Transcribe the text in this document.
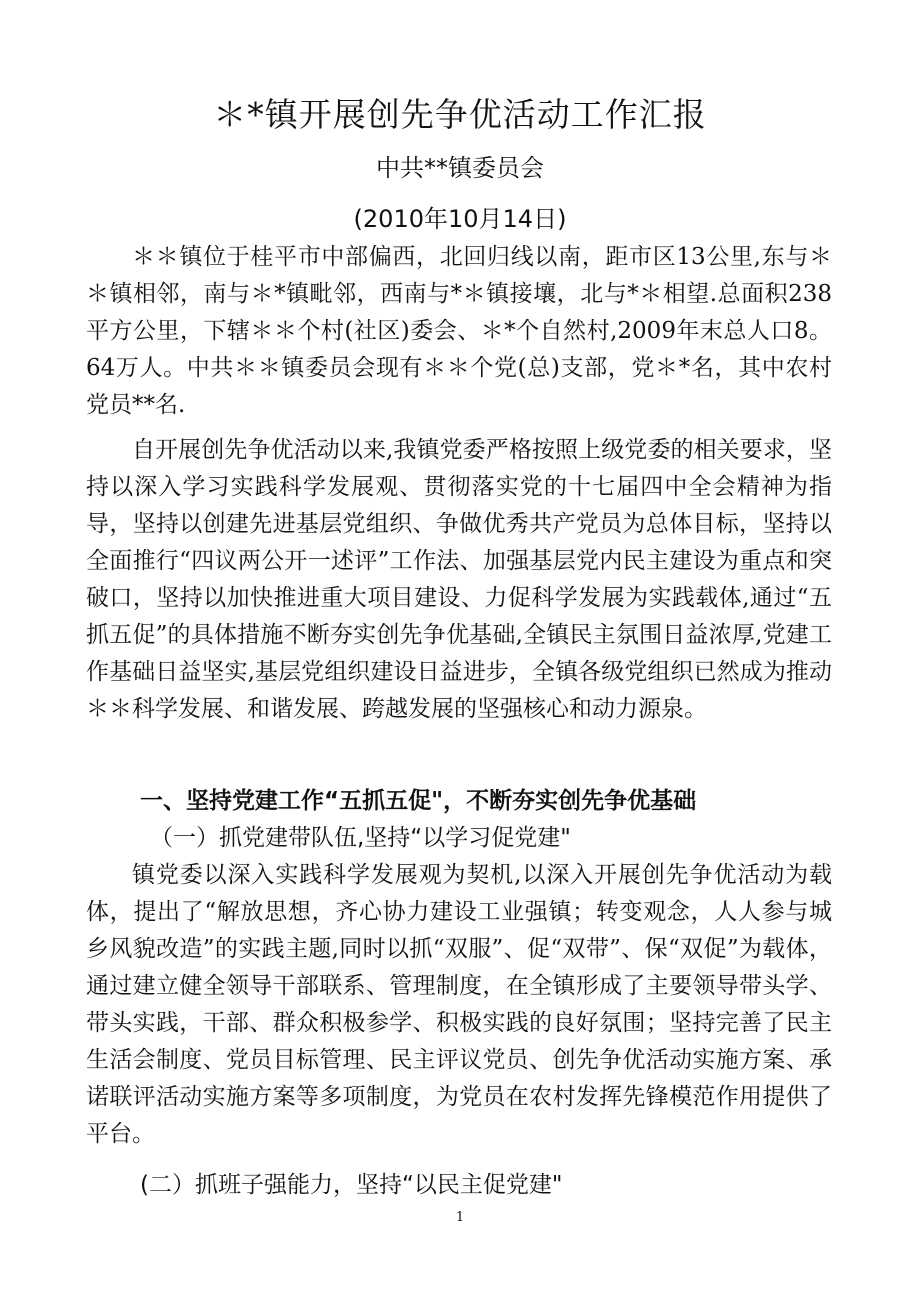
＊*镇开展创先争优活动工作汇报
中共**镇委员会
(2010年10月14日)

＊＊镇位于桂平市中部偏西，北回归线以南，距市区13公里,东与＊＊镇相邻，南与＊*镇毗邻，西南与*＊镇接壤，北与*＊相望.总面积238平方公里，下辖＊＊个村(社区)委会、＊*个自然村,2009年末总人口8。64万人。中共＊＊镇委员会现有＊＊个党(总)支部，党＊*名，其中农村党员**名.

自开展创先争优活动以来,我镇党委严格按照上级党委的相关要求，坚持以深入学习实践科学发展观、贯彻落实党的十七届四中全会精神为指导，坚持以创建先进基层党组织、争做优秀共产党员为总体目标，坚持以全面推行“四议两公开一述评”工作法、加强基层党内民主建设为重点和突破口，坚持以加快推进重大项目建设、力促科学发展为实践载体,通过“五抓五促”的具体措施不断夯实创先争优基础,全镇民主氛围日益浓厚,党建工作基础日益坚实,基层党组织建设日益进步，全镇各级党组织已然成为推动＊＊科学发展、和谐发展、跨越发展的坚强核心和动力源泉。

一、坚持党建工作“五抓五促"，不断夯实创先争优基础

（一）抓党建带队伍,坚持“以学习促党建"

镇党委以深入实践科学发展观为契机,以深入开展创先争优活动为载体，提出了“解放思想，齐心协力建设工业强镇；转变观念，人人参与城乡风貌改造”的实践主题,同时以抓“双服”、促“双带”、保“双促”为载体，通过建立健全领导干部联系、管理制度，在全镇形成了主要领导带头学、带头实践，干部、群众积极参学、积极实践的良好氛围；坚持完善了民主生活会制度、党员目标管理、民主评议党员、创先争优活动实施方案、承诺联评活动实施方案等多项制度，为党员在农村发挥先锋模范作用提供了平台。

(二）抓班子强能力，坚持“以民主促党建"

1
